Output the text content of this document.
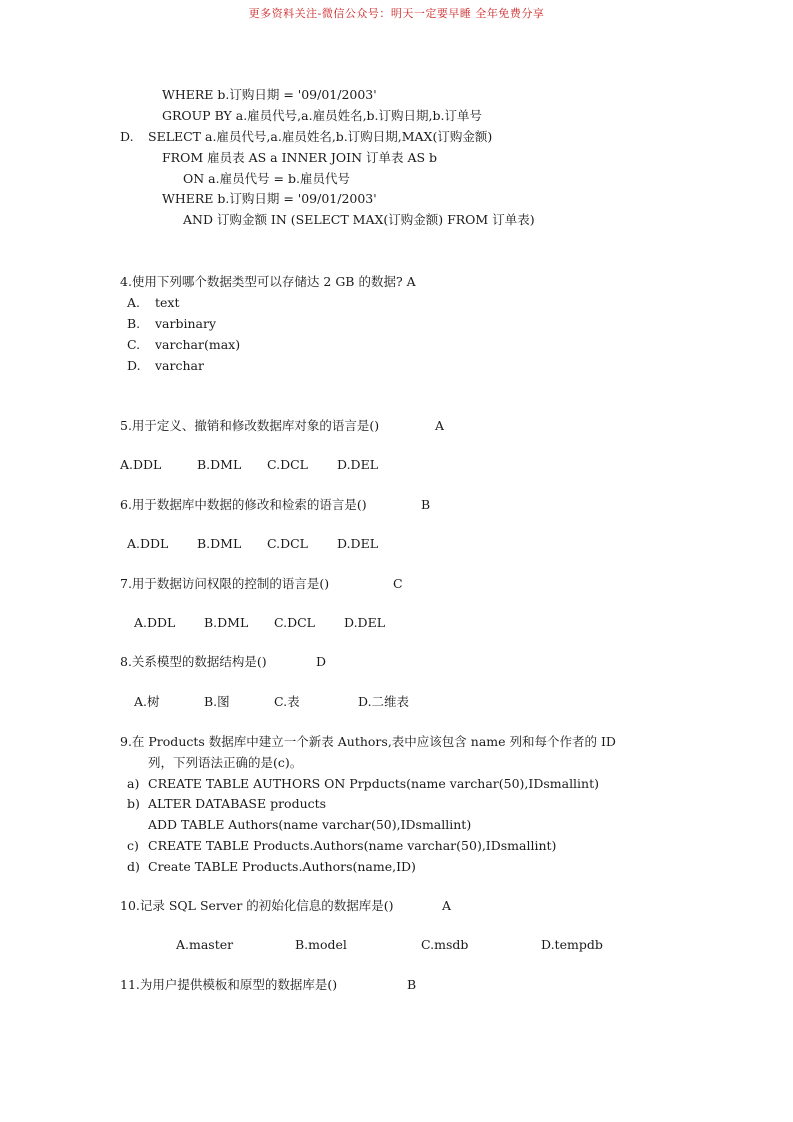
更多资料关注-微信公众号：明天一定要早睡 全年免费分享
WHERE b.订购日期 = '09/01/2003'
GROUP BY a.雇员代号,a.雇员姓名,b.订购日期,b.订单号
D. SELECT a.雇员代号,a.雇员姓名,b.订购日期,MAX(订购金额)
FROM 雇员表 AS a INNER JOIN 订单表 AS b
ON a.雇员代号 = b.雇员代号
WHERE b.订购日期 = '09/01/2003'
AND 订购金额 IN (SELECT MAX(订购金额) FROM 订单表)
4.使用下列哪个数据类型可以存储达 2 GB 的数据? A
A. text
B. varbinary
C. varchar(max)
D. varchar
5.用于定义、撤销和修改数据库对象的语言是()	A
A.DDL	B.DML C.DCL D.DEL
6.用于数据库中数据的修改和检索的语言是()	B
A.DDL B.DML C.DCL D.DEL
7.用于数据访问权限的控制的语言是()	C
A.DDL B.DML C.DCL D.DEL
8.关系模型的数据结构是()	D
A.树	B.图	C.表	D.二维表
9.在 Products 数据库中建立一个新表 Authors,表中应该包含 name 列和每个作者的 ID
列，下列语法正确的是(c)。
a) CREATE TABLE AUTHORS ON Prpducts(name varchar(50),IDsmallint)
b) ALTER DATABASE products
ADD TABLE Authors(name varchar(50),IDsmallint)
c) CREATE TABLE Products.Authors(name varchar(50),IDsmallint)
d) Create TABLE Products.Authors(name,ID)
10.记录 SQL Server 的初始化信息的数据库是()	A
A.master	B.model	C.msdb	D.tempdb
11.为用户提供模板和原型的数据库是()	B
